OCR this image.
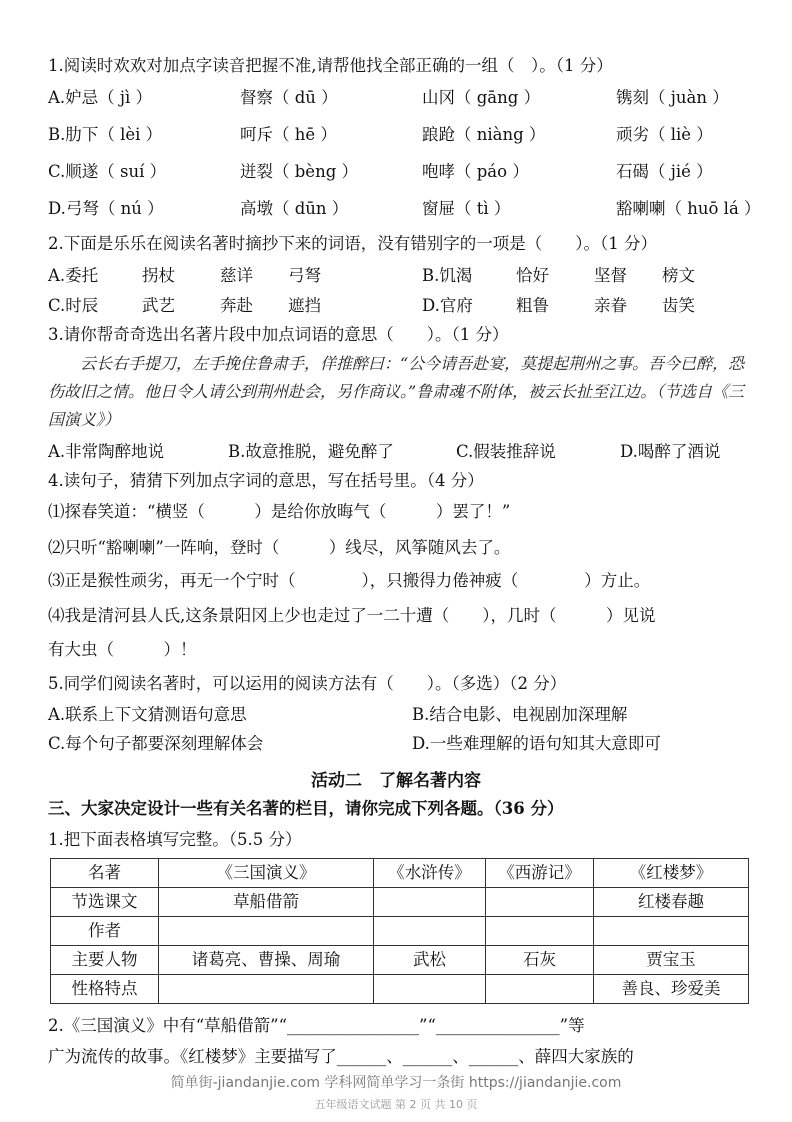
1.阅读时欢欢对加点字读音把握不准,请帮他找全部正确的一组（　）。（1 分）
A.妒忌（ jì ）	督察（ dū ）	山冈（ gāng ）	镌刻（ juàn ）
B.肋下（ lèi ）	呵斥（ hē ）	踉跄（ niàng ）	顽劣（ liè ）
C.顺遂（ suí ）	迸裂（ bèng ）	咆哮（ páo ）	石碣（ jié ）
D.弓弩（ nú ）	高墩（ dūn ）	窗屉（ tì ）	豁喇喇（ huō lá ）
2.下面是乐乐在阅读名著时摘抄下来的词语，没有错别字的一项是（　　）。（1 分）
A.委托	拐杖	慈详 弓弩	B.饥渴	恰好	坚督 榜文
C.时辰	武艺	奔赴 遮挡	D.官府	粗鲁	亲眷 齿笑
3.请你帮奇奇选出名著片段中加点词语的意思（　　）。（1 分）
云长右手提刀，左手挽住鲁肃手，佯推醉曰：“公今请吾赴宴，莫提起荆州之事。吾今已醉，恐伤故旧之情。他日令人请公到荆州赴会，另作商议。”鲁肃魂不附体，被云长扯至江边。（节选自《三国演义》）
A.非常陶醉地说	B.故意推脱，避免醉了	C.假装推辞说	D.喝醉了酒说
4.读句子，猜猜下列加点字词的意思，写在括号里。（4 分）
⑴探春笑道：“横竖（　　　）是给你放晦气（　　　）罢了！”
⑵只听“豁喇喇”一阵响，登时（　　　）线尽，风筝随风去了。
⑶正是猴性顽劣，再无一个宁时（　　　　），只搬得力倦神疲（　　　　）方止。
⑷我是清河县人氏,这条景阳冈上少也走过了一二十遭（　　），几时（　　　）见说
有大虫（　　　）！
5.同学们阅读名著时，可以运用的阅读方法有（　　）。（多选）（2 分）
A.联系上下文猜测语句意思	B.结合电影、电视剧加深理解
C.每个句子都要深刻理解体会	D.一些难理解的语句知其大意即可
活动二　了解名著内容
三、大家决定设计一些有关名著的栏目，请你完成下列各题。（36 分）
1.把下面表格填写完整。（5.5 分）
名著	《三国演义》	《水浒传》	《西游记》	《红楼梦》
节选课文	草船借箭			红楼春趣
作者				
主要人物	诸葛亮、曹操、周瑜	武松	石灰	贾宝玉
性格特点				善良、珍爱美
2.《三国演义》中有“草船借箭”“________________”“_______________”等
广为流传的故事。《红楼梦》主要描写了______、______、______、薛四大家族的
简单街-jiandanjie.com 学科网简单学习一条街 https://jiandanjie.com
五年级语文试题 第 2 页 共 10 页
